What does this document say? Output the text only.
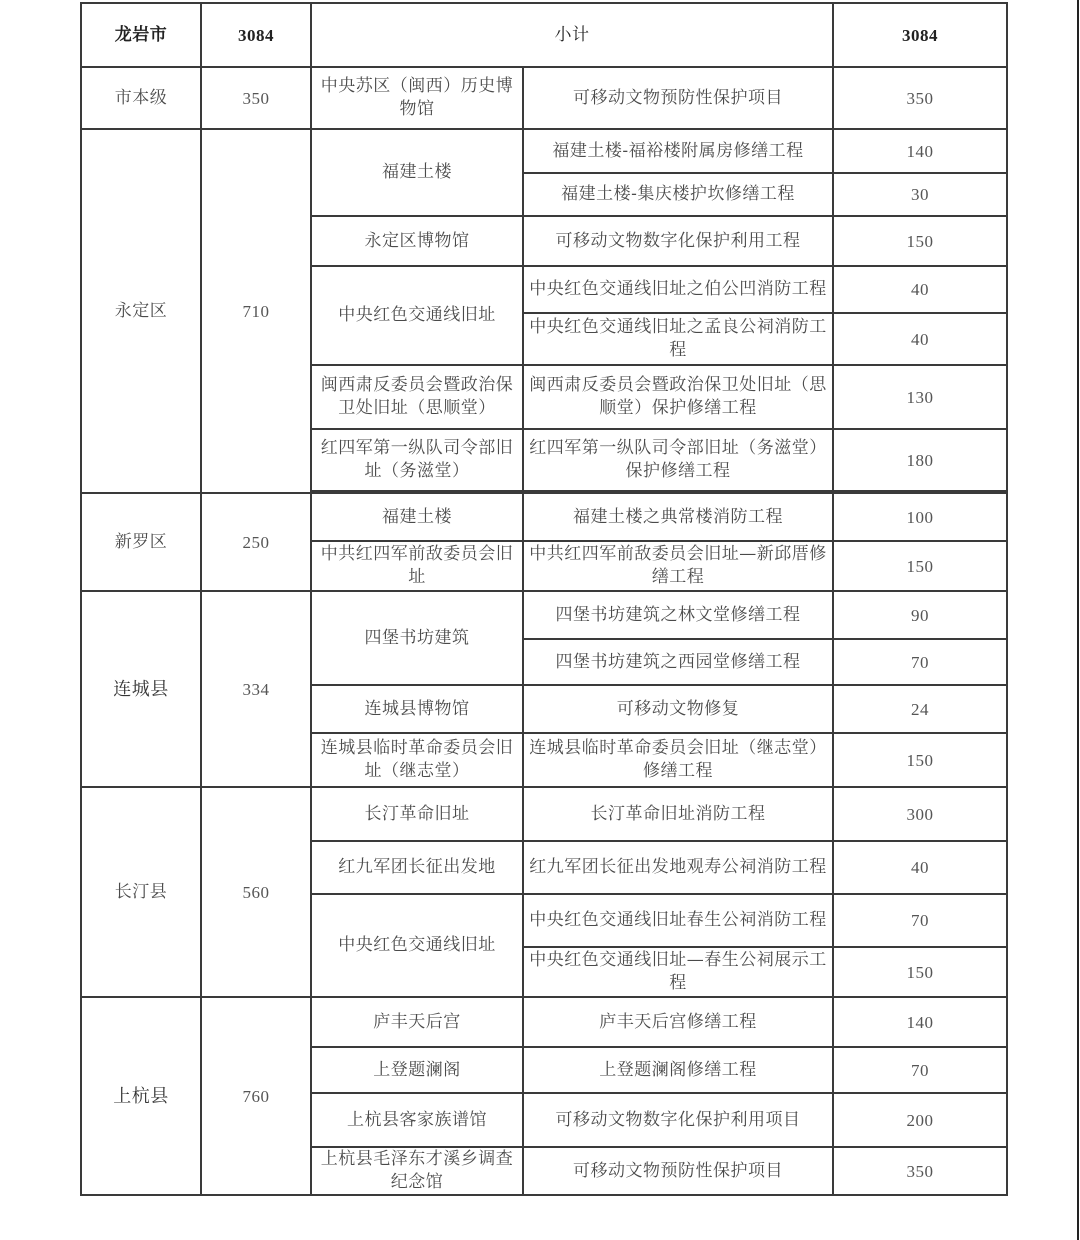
龙岩市	3084	小计		3084
市本级	350	中央苏区（闽西）历史博物馆	可移动文物预防性保护项目	350
永定区	710	福建土楼	福建土楼-福裕楼附属房修缮工程	140
			福建土楼-集庆楼护坎修缮工程	30
		永定区博物馆	可移动文物数字化保护利用工程	150
		中央红色交通线旧址	中央红色交通线旧址之伯公凹消防工程	40
			中央红色交通线旧址之孟良公祠消防工程	40
		闽西肃反委员会暨政治保卫处旧址（思顺堂）	闽西肃反委员会暨政治保卫处旧址（思顺堂）保护修缮工程	130
		红四军第一纵队司令部旧址（务滋堂）	红四军第一纵队司令部旧址（务滋堂）保护修缮工程	180

新罗区	250	福建土楼	福建土楼之典常楼消防工程	100
		中共红四军前敌委员会旧址	中共红四军前敌委员会旧址—新邱厝修缮工程	150
连城县	334	四堡书坊建筑	四堡书坊建筑之林文堂修缮工程	90
			四堡书坊建筑之西园堂修缮工程	70
		连城县博物馆	可移动文物修复	24
		连城县临时革命委员会旧址（继志堂）	连城县临时革命委员会旧址（继志堂）修缮工程	150
长汀县	560	长汀革命旧址	长汀革命旧址消防工程	300
		红九军团长征出发地	红九军团长征出发地观寿公祠消防工程	40
		中央红色交通线旧址	中央红色交通线旧址春生公祠消防工程	70
			中央红色交通线旧址—春生公祠展示工程	150
上杭县	760	庐丰天后宫	庐丰天后宫修缮工程	140
		上登题澜阁	上登题澜阁修缮工程	70
		上杭县客家族谱馆	可移动文物数字化保护利用项目	200
		上杭县毛泽东才溪乡调查纪念馆	可移动文物预防性保护项目	350
